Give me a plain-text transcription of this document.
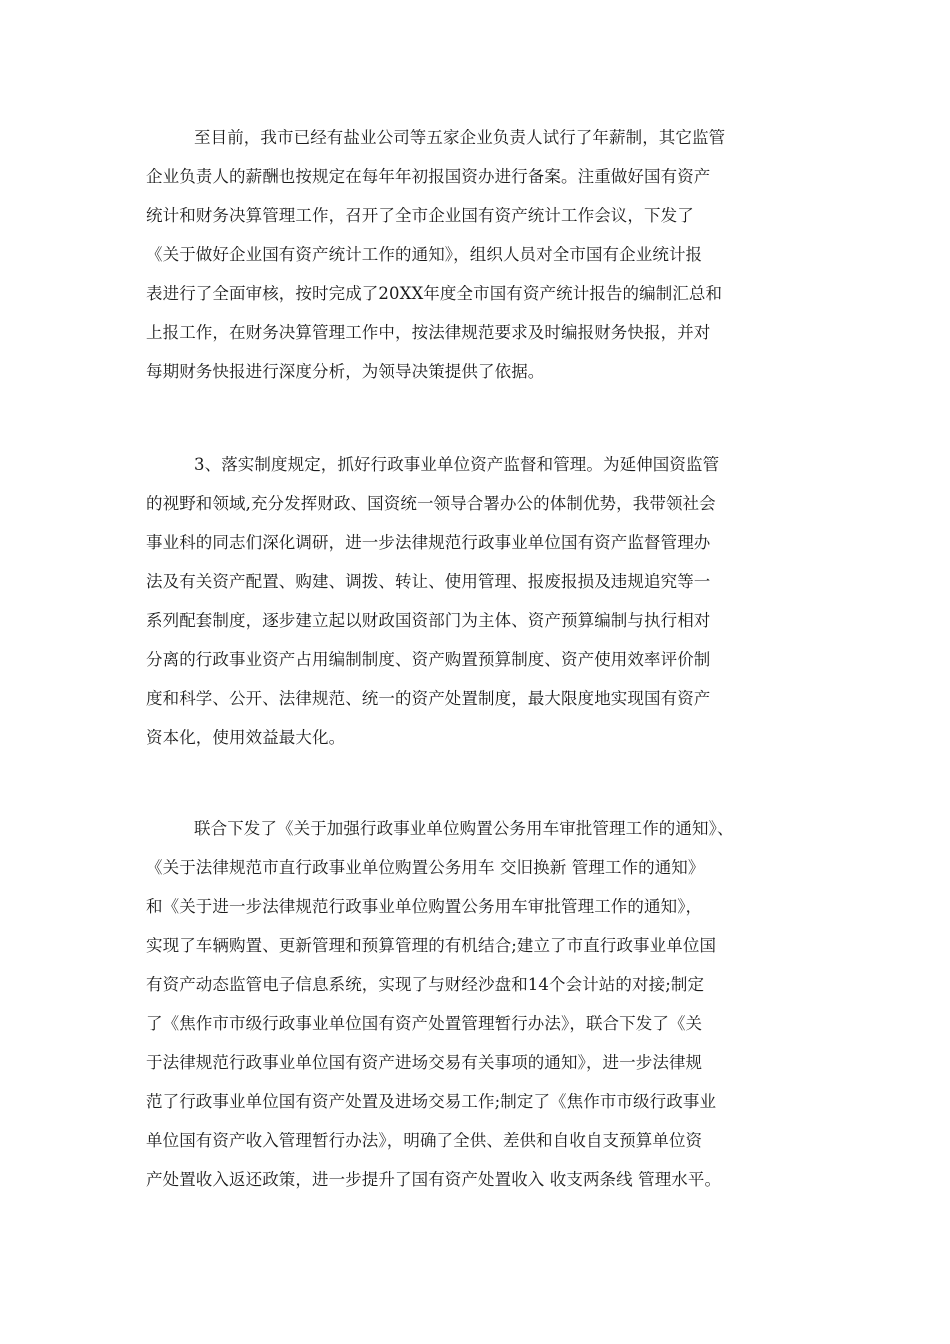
至目前，我市已经有盐业公司等五家企业负责人试行了年薪制，其它监管
企业负责人的薪酬也按规定在每年年初报国资办进行备案。注重做好国有资产
统计和财务决算管理工作，召开了全市企业国有资产统计工作会议，下发了
《关于做好企业国有资产统计工作的通知》，组织人员对全市国有企业统计报
表进行了全面审核，按时完成了20XX年度全市国有资产统计报告的编制汇总和
上报工作，在财务决算管理工作中，按法律规范要求及时编报财务快报，并对
每期财务快报进行深度分析，为领导决策提供了依据。
3、落实制度规定，抓好行政事业单位资产监督和管理。为延伸国资监管
的视野和领域,充分发挥财政、国资统一领导合署办公的体制优势，我带领社会
事业科的同志们深化调研，进一步法律规范行政事业单位国有资产监督管理办
法及有关资产配置、购建、调拨、转让、使用管理、报废报损及违规追究等一
系列配套制度，逐步建立起以财政国资部门为主体、资产预算编制与执行相对
分离的行政事业资产占用编制制度、资产购置预算制度、资产使用效率评价制
度和科学、公开、法律规范、统一的资产处置制度，最大限度地实现国有资产
资本化，使用效益最大化。
联合下发了《关于加强行政事业单位购置公务用车审批管理工作的通知》、
《关于法律规范市直行政事业单位购置公务用车 交旧换新 管理工作的通知》
和《关于进一步法律规范行政事业单位购置公务用车审批管理工作的通知》，
实现了车辆购置、更新管理和预算管理的有机结合;建立了市直行政事业单位国
有资产动态监管电子信息系统，实现了与财经沙盘和14个会计站的对接;制定
了《焦作市市级行政事业单位国有资产处置管理暂行办法》，联合下发了《关
于法律规范行政事业单位国有资产进场交易有关事项的通知》，进一步法律规
范了行政事业单位国有资产处置及进场交易工作;制定了《焦作市市级行政事业
单位国有资产收入管理暂行办法》，明确了全供、差供和自收自支预算单位资
产处置收入返还政策，进一步提升了国有资产处置收入 收支两条线 管理水平。
